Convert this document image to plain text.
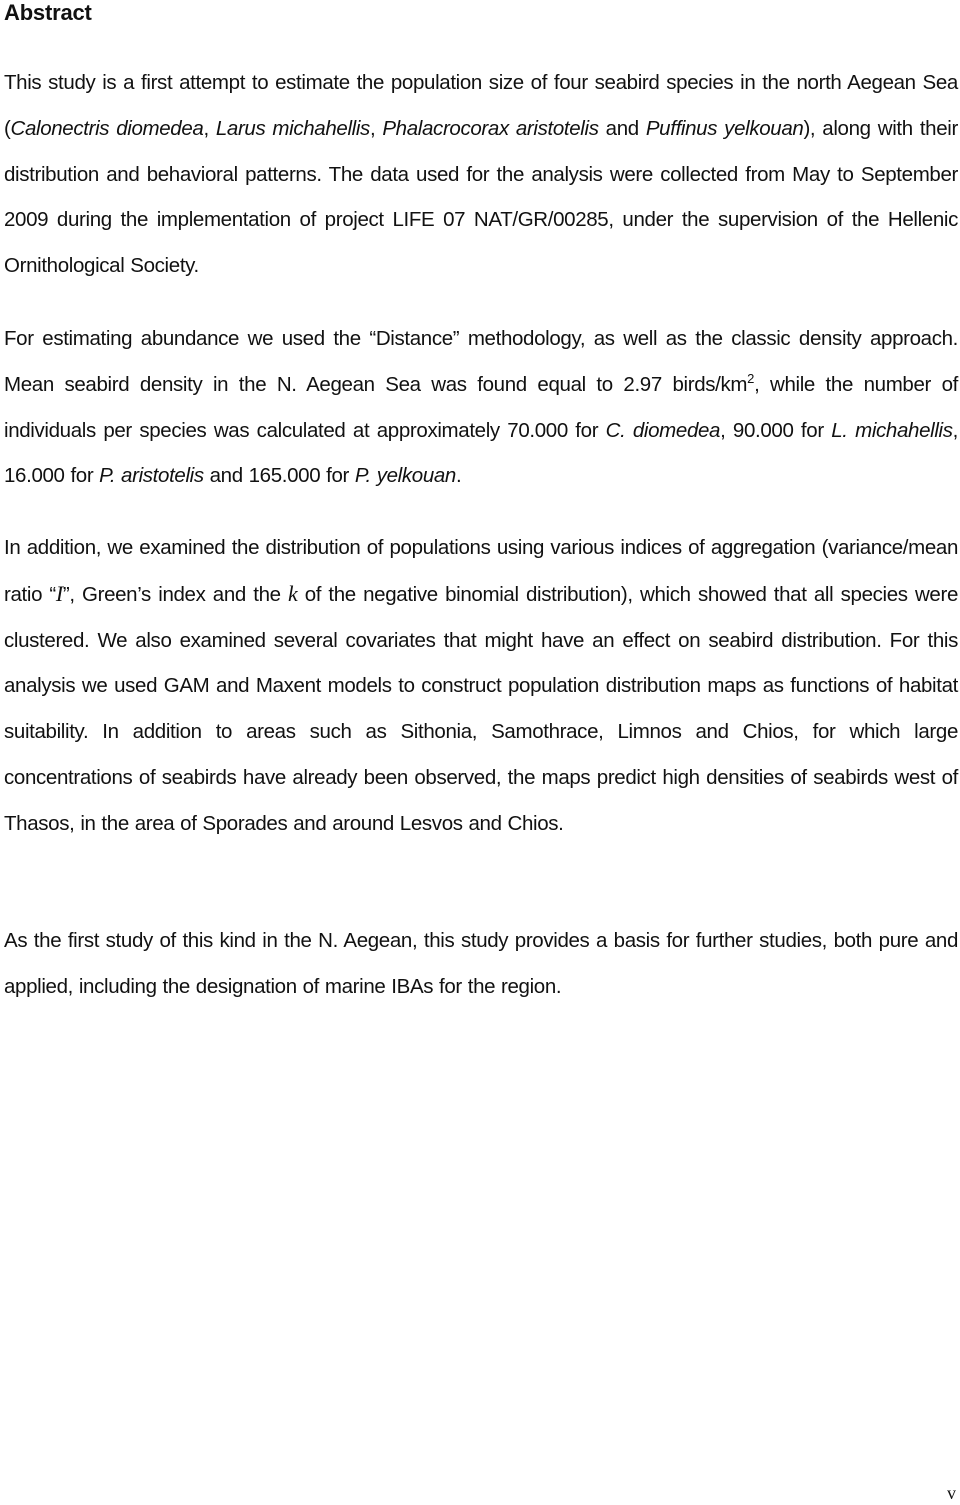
Abstract

This study is a first attempt to estimate the population size of four seabird species in the north Aegean Sea (Calonectris diomedea, Larus michahellis, Phalacrocorax aristotelis and Puffinus yelkouan), along with their distribution and behavioral patterns. The data used for the analysis were collected from May to September 2009 during the implementation of project LIFE 07 NAT/GR/00285, under the supervision of the Hellenic Ornithological Society.

For estimating abundance we used the “Distance” methodology, as well as the classic density approach. Mean seabird density in the N. Aegean Sea was found equal to 2.97 birds/$km^2$, while the number of individuals per species was calculated at approximately 70.000 for C. diomedea, 90.000 for L. michahellis, 16.000 for P. aristotelis and 165.000 for P. yelkouan.

In addition, we examined the distribution of populations using various indices of aggregation (variance/mean ratio “I”, Green’s index and the k of the negative binomial distribution), which showed that all species were clustered. We also examined several covariates that might have an effect on seabird distribution. For this analysis we used GAM and Maxent models to construct population distribution maps as functions of habitat suitability. In addition to areas such as Sithonia, Samothrace, Limnos and Chios, for which large concentrations of seabirds have already been observed, the maps predict high densities of seabirds west of Thasos, in the area of Sporades and around Lesvos and Chios.

As the first study of this kind in the N. Aegean, this study provides a basis for further studies, both pure and applied, including the designation of marine IBAs for the region.

v
